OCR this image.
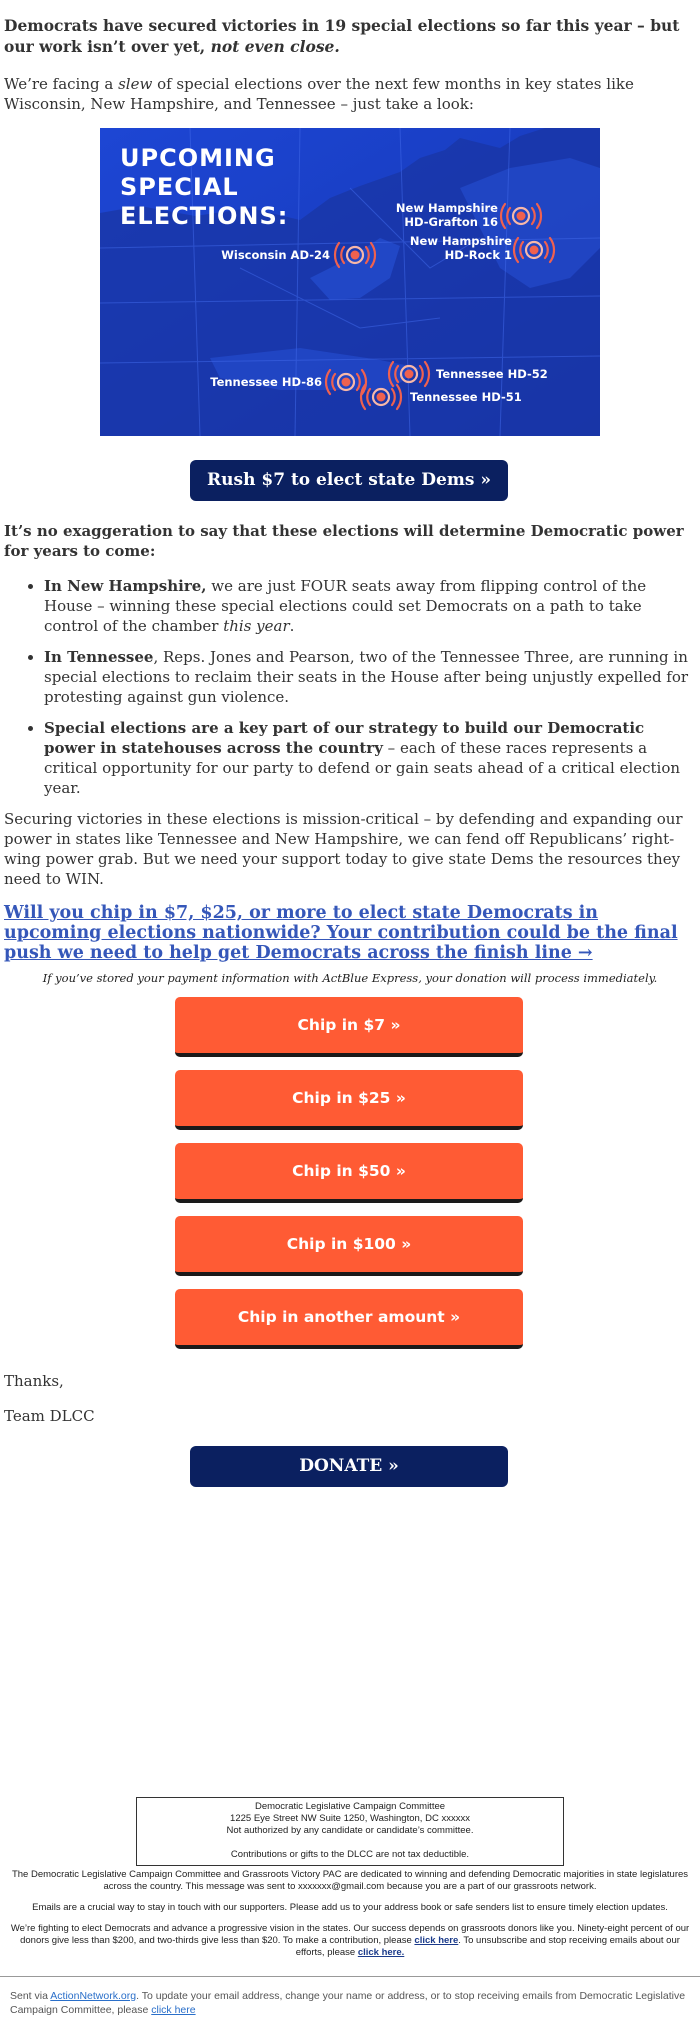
Democrats have secured victories in 19 special elections so far this year – but our work isn’t over yet, not even close.

We’re facing a slew of special elections over the next few months in key states like Wisconsin, New Hampshire, and Tennessee – just take a look:

UPCOMING
SPECIAL
ELECTIONS:	New Hampshire
HD-Grafton 16
New Hampshire
HD-Rock 1
Wisconsin AD-24
Tennessee HD-86
Tennessee HD-52
Tennessee HD-51
Rush $7 to elect state Dems »

It’s no exaggeration to say that these elections will determine Democratic power for years to come:

• In New Hampshire, we are just FOUR seats away from flipping control of the House – winning these special elections could set Democrats on a path to take control of the chamber this year.
• In Tennessee, Reps. Jones and Pearson, two of the Tennessee Three, are running in special elections to reclaim their seats in the House after being unjustly expelled for protesting against gun violence.
• Special elections are a key part of our strategy to build our Democratic power in statehouses across the country – each of these races represents a critical opportunity for our party to defend or gain seats ahead of a critical election year.

Securing victories in these elections is mission-critical – by defending and expanding our power in states like Tennessee and New Hampshire, we can fend off Republicans’ right-wing power grab. But we need your support today to give state Dems the resources they need to WIN.

Will you chip in $7, $25, or more to elect state Democrats in upcoming elections nationwide? Your contribution could be the final push we need to help get Democrats across the finish line →

If you’ve stored your payment information with ActBlue Express, your donation will process immediately.

Chip in $7 »
Chip in $25 »
Chip in $50 »
Chip in $100 »
Chip in another amount »

Thanks,

Team DLCC

DONATE »
Democratic Legislative Campaign Committee
1225 Eye Street NW Suite 1250, Washington, DC xxxxxx
Not authorized by any candidate or candidate’s committee.
Contributions or gifts to the DLCC are not tax deductible.

The Democratic Legislative Campaign Committee and Grassroots Victory PAC are dedicated to winning and defending Democratic majorities in state legislatures across the country. This message was sent to xxxxxxx@gmail.com because you are a part of our grassroots network.

Emails are a crucial way to stay in touch with our supporters. Please add us to your address book or safe senders list to ensure timely election updates.

We’re fighting to elect Democrats and advance a progressive vision in the states. Our success depends on grassroots donors like you. Ninety-eight percent of our donors give less than $200, and two-thirds give less than $20. To make a contribution, please click here. To unsubscribe and stop receiving emails about our efforts, please click here.

Sent via ActionNetwork.org. To update your email address, change your name or address, or to stop receiving emails from Democratic Legislative Campaign Committee, please click here
